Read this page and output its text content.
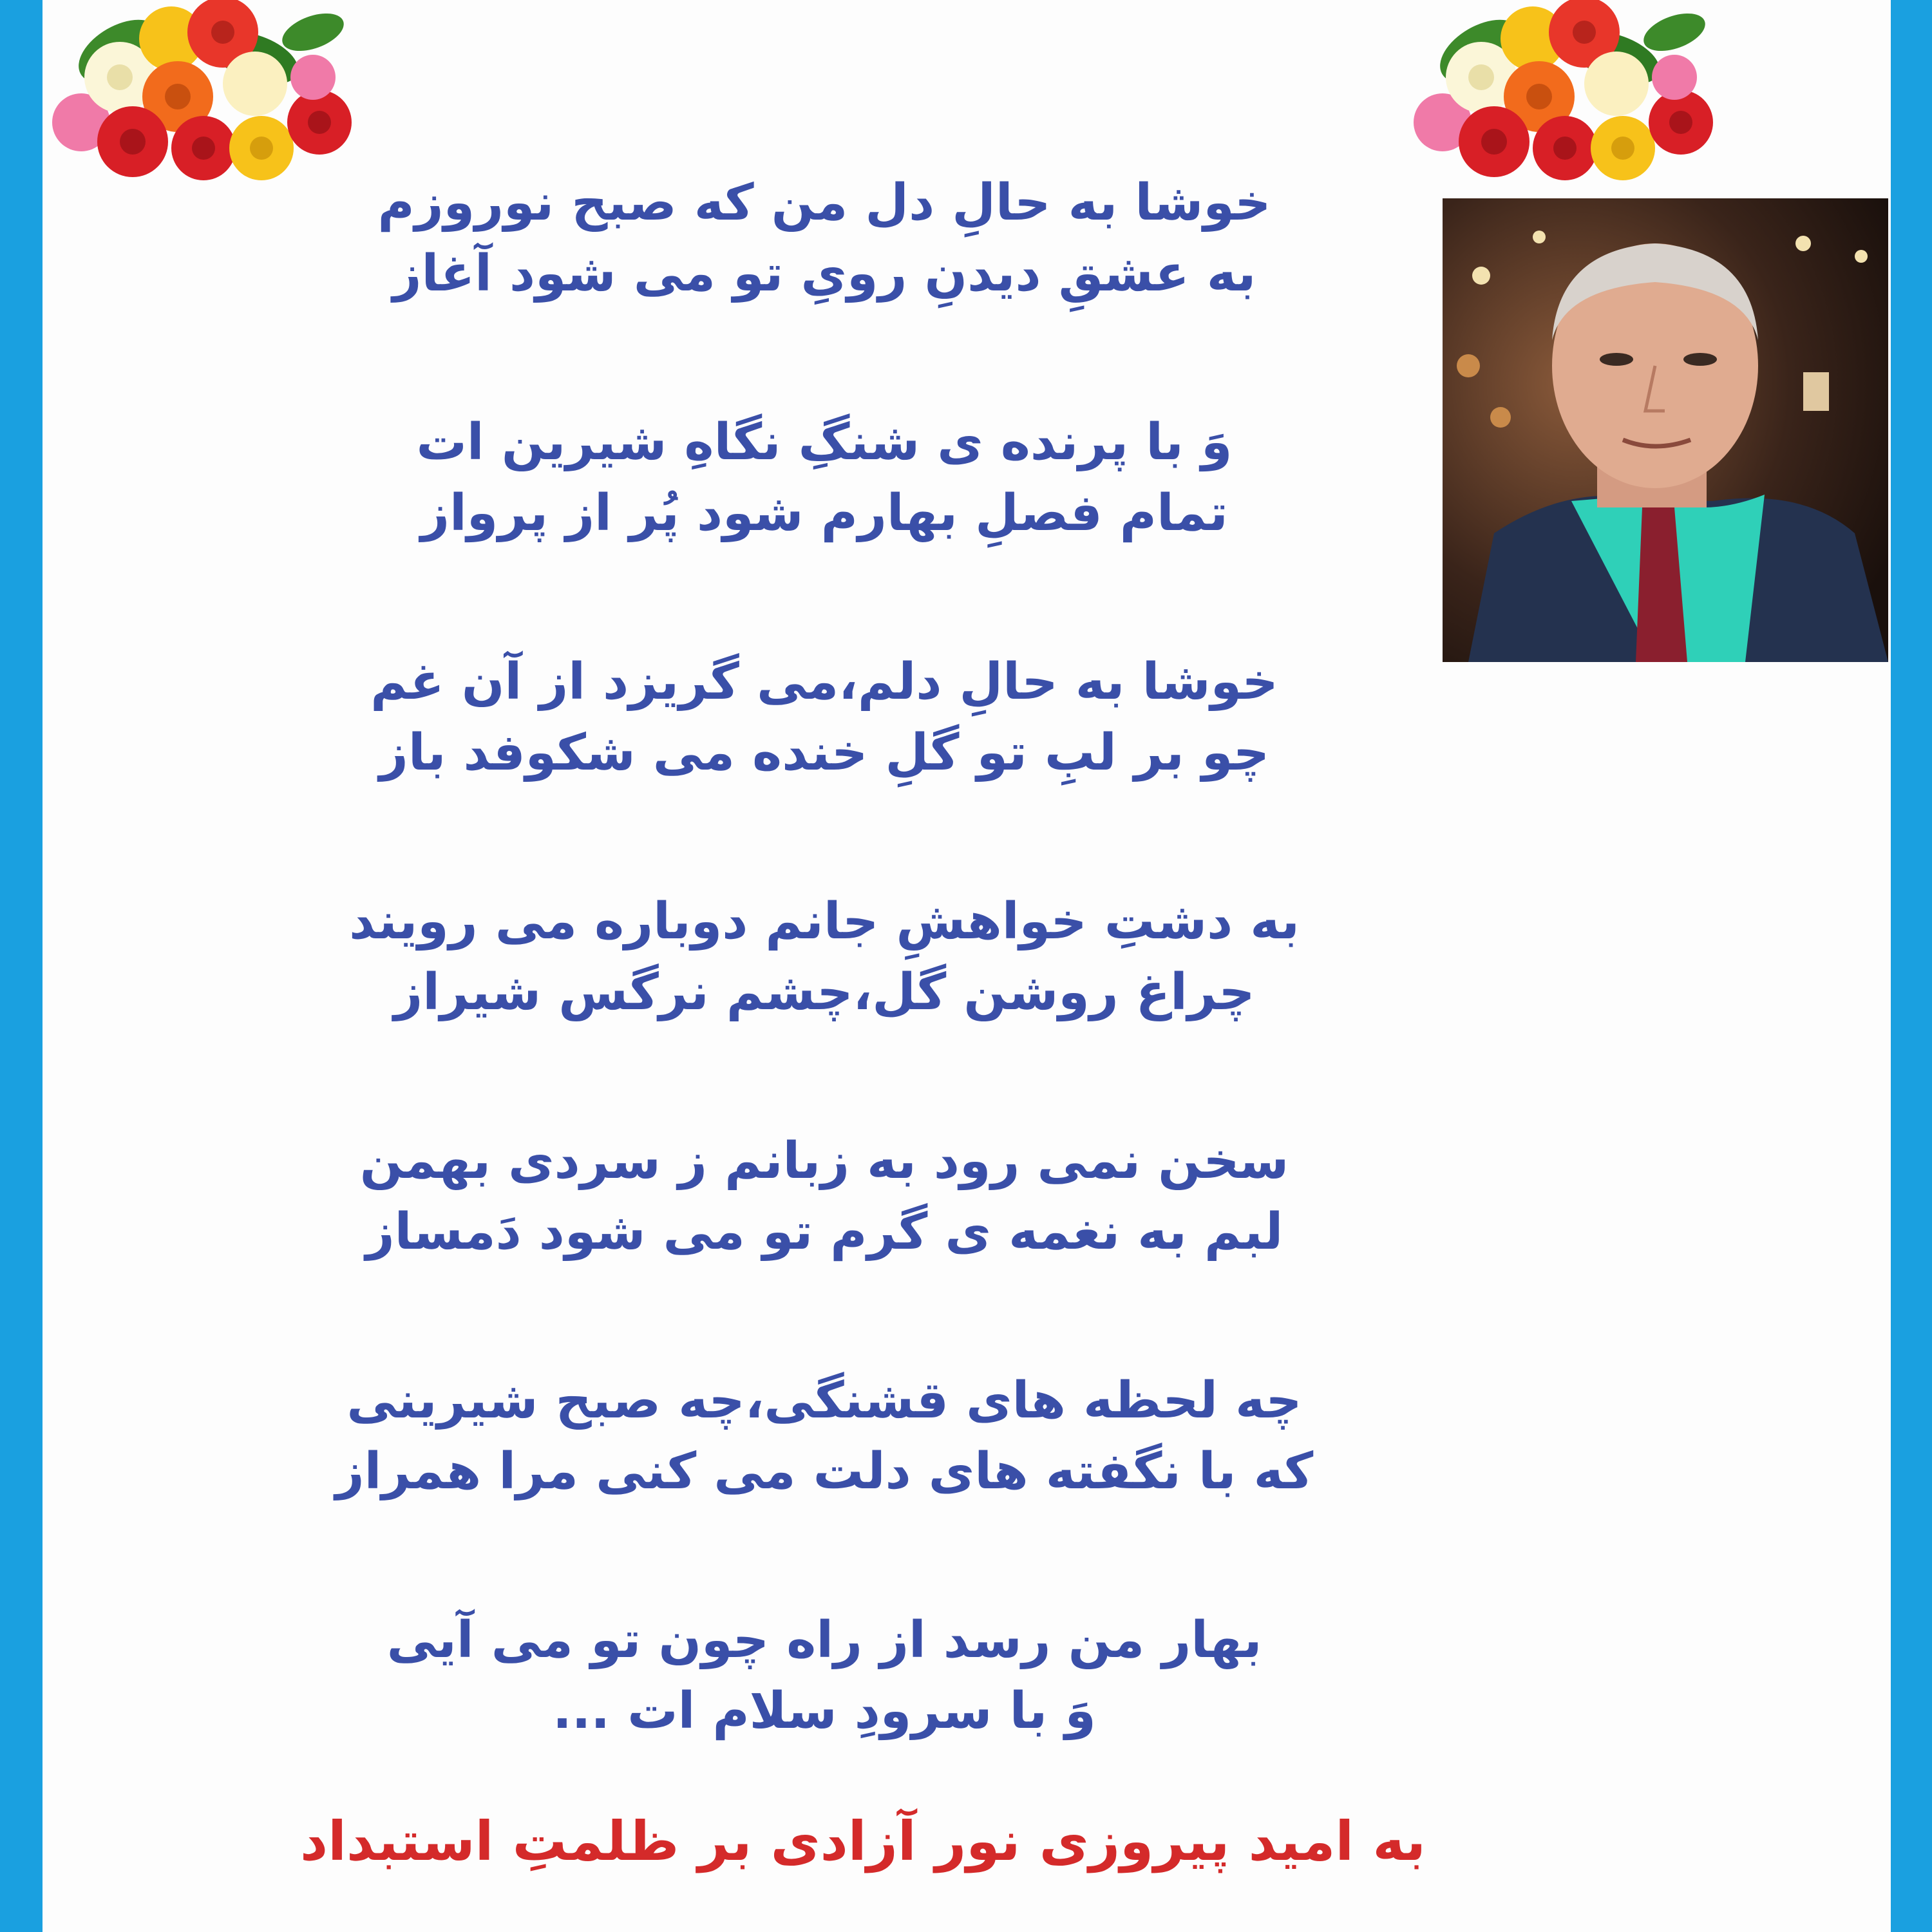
خوشا به حالِ دل من که صبح نوروزم
به عشقِ دیدنِ رویِ تو می شود آغاز
وَ با پرنده ی شنگِ نگاهِ شیرین ات
تمام فصلِ بهارم شود پُر از پرواز
خوشا به حالِ دلم،می گریزد از آن غم
چو بر لبِ تو گلِ خنده می شکوفد باز
به دشتِ خواهشِ جانم دوباره می رویند
چراغ روشن گل،چشم نرگس شیراز
سخن نمی رود به زبانم ز سردی بهمن
لبم به نغمه ی گرم تو می شود دَمساز
چه لحظه های قشنگی،چه صبح شیرینی
که با نگفته های دلت می کنی مرا همراز
بهار من رسد از راه چون تو می آیی
وَ با سرودِ سلام ات ...
به امید پیروزی نور آزادی بر ظلمتِ استبداد
